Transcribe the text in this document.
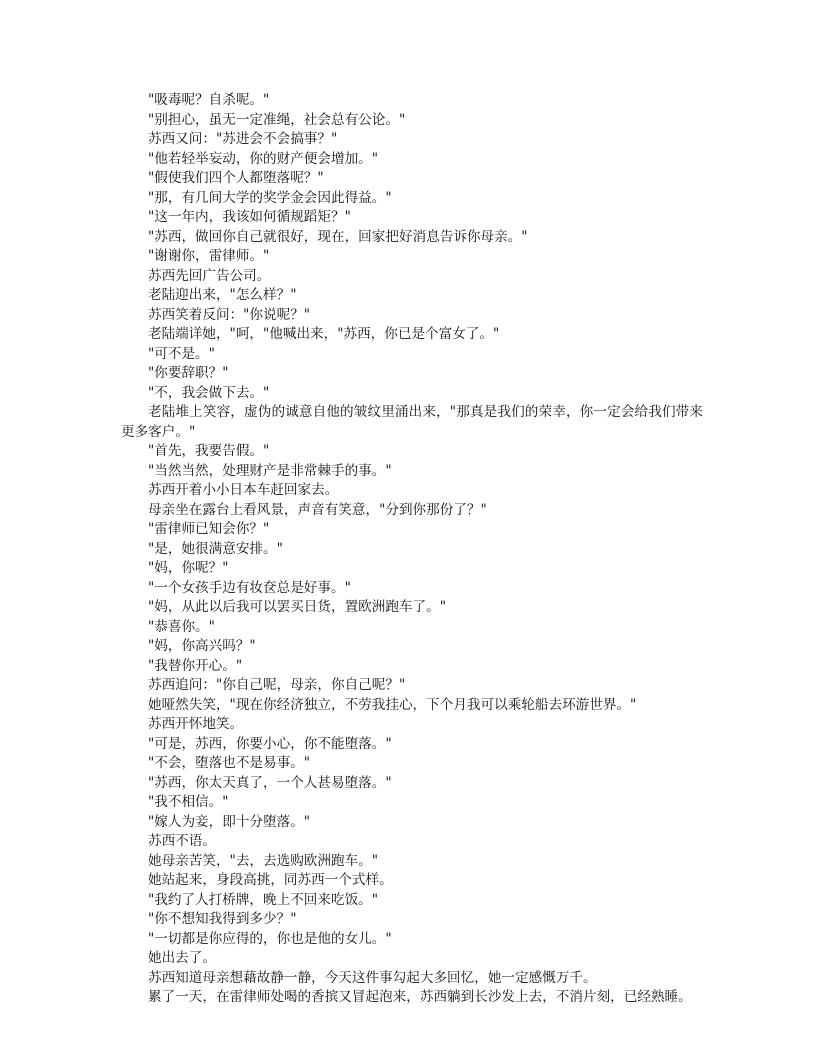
"吸毒呢？自杀呢。"

"别担心，虽无一定准绳，社会总有公论。"

苏西又问："苏进会不会搞事？"

"他若轻举妄动，你的财产便会增加。"

"假使我们四个人都堕落呢？"

"那，有几间大学的奖学金会因此得益。"

"这一年内，我该如何循规蹈矩？"

"苏西，做回你自己就很好，现在，回家把好消息告诉你母亲。"

"谢谢你，雷律师。"

苏西先回广告公司。

老陆迎出来，"怎么样？"

苏西笑着反问："你说呢？"

老陆端详她，"呵，"他喊出来，"苏西，你已是个富女了。"

"可不是。"

"你要辞职？"

"不，我会做下去。"

老陆堆上笑容，虚伪的诚意自他的皱纹里涌出来，"那真是我们的荣幸，你一定会给我们带来更多客户。"

"首先，我要告假。"

"当然当然，处理财产是非常棘手的事。"

苏西开着小小日本车赶回家去。

母亲坐在露台上看风景，声音有笑意，"分到你那份了？"

"雷律师已知会你？"

"是，她很满意安排。"

"妈，你呢？"

"一个女孩手边有妆奁总是好事。"

"妈，从此以后我可以罢买日货，置欧洲跑车了。"

"恭喜你。"

"妈，你高兴吗？"

"我替你开心。"

苏西追问："你自己呢，母亲，你自己呢？"

她哑然失笑，"现在你经济独立，不劳我挂心，下个月我可以乘轮船去环游世界。"

苏西开怀地笑。

"可是，苏西，你要小心，你不能堕落。"

"不会，堕落也不是易事。"

"苏西，你太天真了，一个人甚易堕落。"

"我不相信。"

"嫁人为妾，即十分堕落。"

苏西不语。

她母亲苦笑，"去，去选购欧洲跑车。"

她站起来，身段高挑，同苏西一个式样。

"我约了人打桥牌，晚上不回来吃饭。"

"你不想知我得到多少？"

"一切都是你应得的，你也是他的女儿。"

她出去了。

苏西知道母亲想藉故静一静，今天这件事勾起大多回忆，她一定感慨万千。

累了一天，在雷律师处喝的香摈又冒起泡来，苏西躺到长沙发上去，不消片刻，已经熟睡。
